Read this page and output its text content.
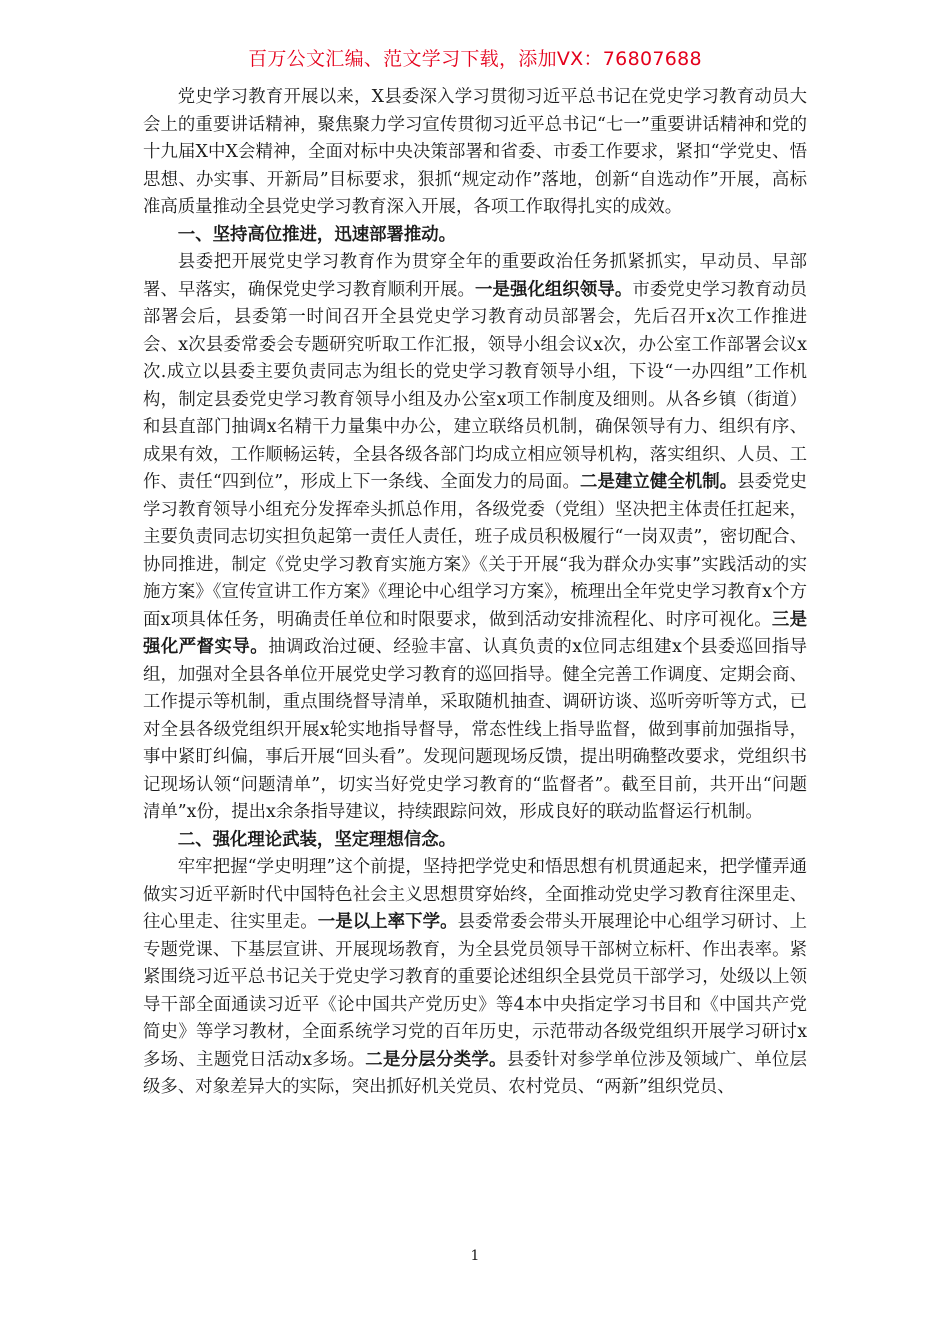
百万公文汇编、范文学习下载，添加VX：76807688

党史学习教育开展以来，X县委深入学习贯彻习近平总书记在党史学习教育动员大会上的重要讲话精神，聚焦聚力学习宣传贯彻习近平总书记“七一”重要讲话精神和党的十九届X中X会精神，全面对标中央决策部署和省委、市委工作要求，紧扣“学党史、悟思想、办实事、开新局”目标要求，狠抓“规定动作”落地，创新“自选动作”开展，高标准高质量推动全县党史学习教育深入开展，各项工作取得扎实的成效。

一、坚持高位推进，迅速部署推动。

县委把开展党史学习教育作为贯穿全年的重要政治任务抓紧抓实，早动员、早部署、早落实，确保党史学习教育顺利开展。一是强化组织领导。市委党史学习教育动员部署会后，县委第一时间召开全县党史学习教育动员部署会，先后召开x次工作推进会、x次县委常委会专题研究听取工作汇报，领导小组会议x次，办公室工作部署会议x次.成立以县委主要负责同志为组长的党史学习教育领导小组，下设“一办四组”工作机构，制定县委党史学习教育领导小组及办公室x项工作制度及细则。从各乡镇（街道）和县直部门抽调x名精干力量集中办公，建立联络员机制，确保领导有力、组织有序、成果有效，工作顺畅运转，全县各级各部门均成立相应领导机构，落实组织、人员、工作、责任“四到位”，形成上下一条线、全面发力的局面。二是建立健全机制。县委党史学习教育领导小组充分发挥牵头抓总作用，各级党委（党组）坚决把主体责任扛起来，主要负责同志切实担负起第一责任人责任，班子成员积极履行“一岗双责”，密切配合、协同推进，制定《党史学习教育实施方案》《关于开展“我为群众办实事”实践活动的实施方案》《宣传宣讲工作方案》《理论中心组学习方案》，梳理出全年党史学习教育x个方面x项具体任务，明确责任单位和时限要求，做到活动安排流程化、时序可视化。三是强化严督实导。抽调政治过硬、经验丰富、认真负责的x位同志组建x个县委巡回指导组，加强对全县各单位开展党史学习教育的巡回指导。健全完善工作调度、定期会商、工作提示等机制，重点围绕督导清单，采取随机抽查、调研访谈、巡听旁听等方式，已对全县各级党组织开展x轮实地指导督导，常态性线上指导监督，做到事前加强指导，事中紧盯纠偏，事后开展“回头看”。发现问题现场反馈，提出明确整改要求，党组织书记现场认领“问题清单”，切实当好党史学习教育的“监督者”。截至目前，共开出“问题清单”x份，提出x余条指导建议，持续跟踪问效，形成良好的联动监督运行机制。

二、强化理论武装，坚定理想信念。

牢牢把握“学史明理”这个前提，坚持把学党史和悟思想有机贯通起来，把学懂弄通做实习近平新时代中国特色社会主义思想贯穿始终，全面推动党史学习教育往深里走、往心里走、往实里走。一是以上率下学。县委常委会带头开展理论中心组学习研讨、上专题党课、下基层宣讲、开展现场教育，为全县党员领导干部树立标杆、作出表率。紧紧围绕习近平总书记关于党史学习教育的重要论述组织全县党员干部学习，处级以上领导干部全面通读习近平《论中国共产党历史》等4本中央指定学习书目和《中国共产党简史》等学习教材，全面系统学习党的百年历史，示范带动各级党组织开展学习研讨x多场、主题党日活动x多场。二是分层分类学。县委针对参学单位涉及领域广、单位层级多、对象差异大的实际，突出抓好机关党员、农村党员、“两新”组织党员、

1
